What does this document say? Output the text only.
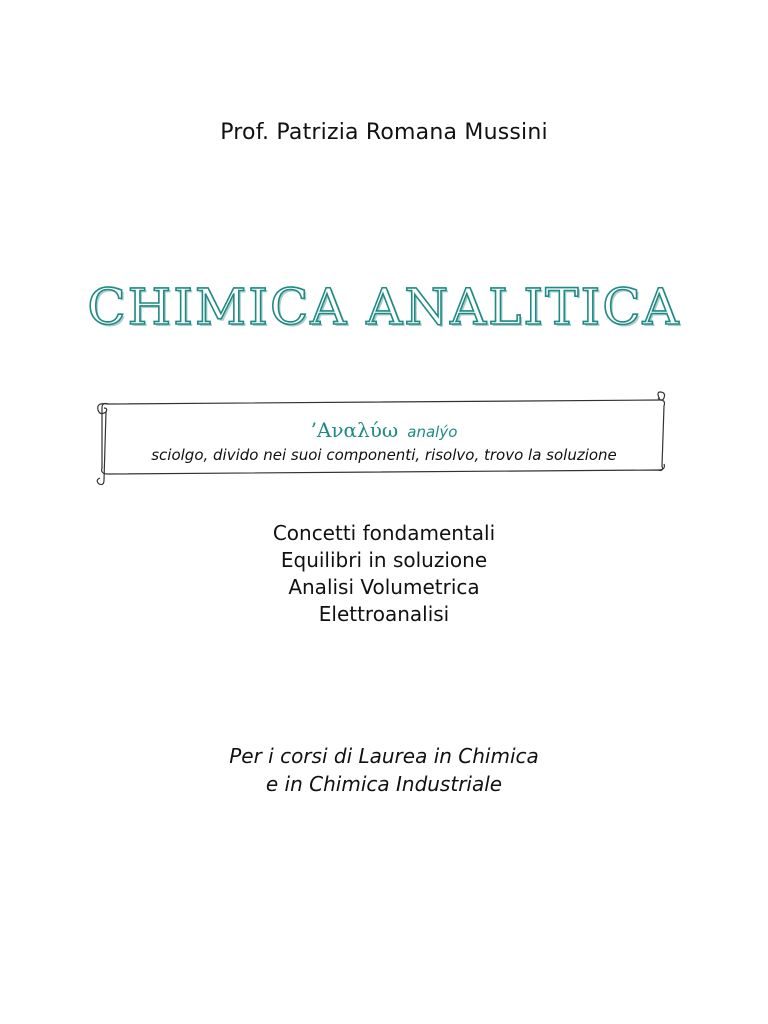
Prof. Patrizia Romana Mussini
CHIMICA ANALITICA
’Αναλύω analýo
sciolgo, divido nei suoi componenti, risolvo, trovo la soluzione
Concetti fondamentali
Equilibri in soluzione
Analisi Volumetrica
Elettroanalisi
Per i corsi di Laurea in Chimica
e in Chimica Industriale
